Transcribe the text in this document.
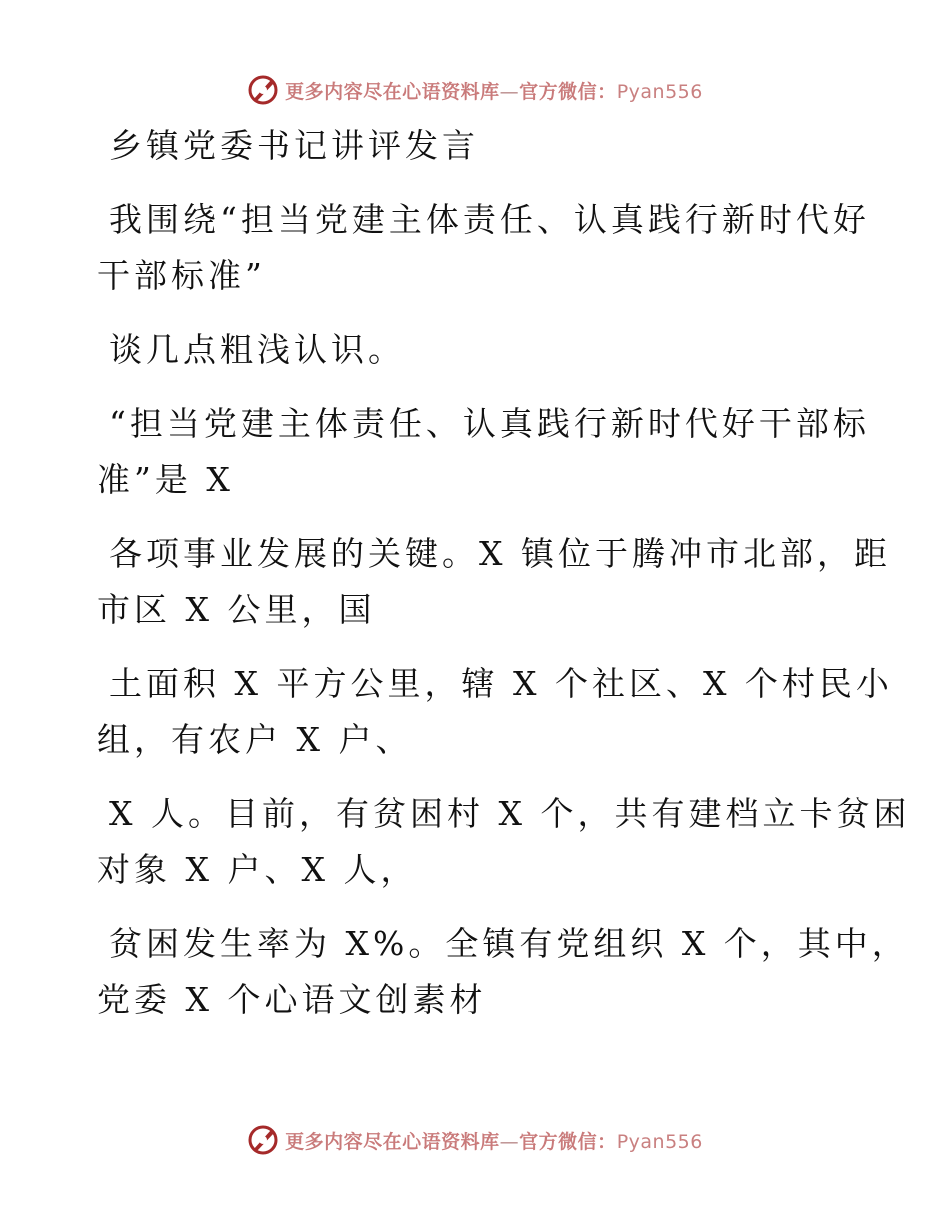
更多内容尽在心语资料库—官方微信：Pyan556

乡镇党委书记讲评发言

我围绕“担当党建主体责任、认真践行新时代好

干部标准”

谈几点粗浅认识。

“担当党建主体责任、认真践行新时代好干部标

准”是 X

各项事业发展的关键。X 镇位于腾冲市北部，距

市区 X 公里，国

土面积 X 平方公里，辖 X 个社区、X 个村民小

组，有农户 X 户、

X 人。目前，有贫困村 X 个，共有建档立卡贫困

对象 X 户、X 人，

贫困发生率为 X%。全镇有党组织 X 个，其中，

党委 X 个心语文创素材

更多内容尽在心语资料库—官方微信：Pyan556
